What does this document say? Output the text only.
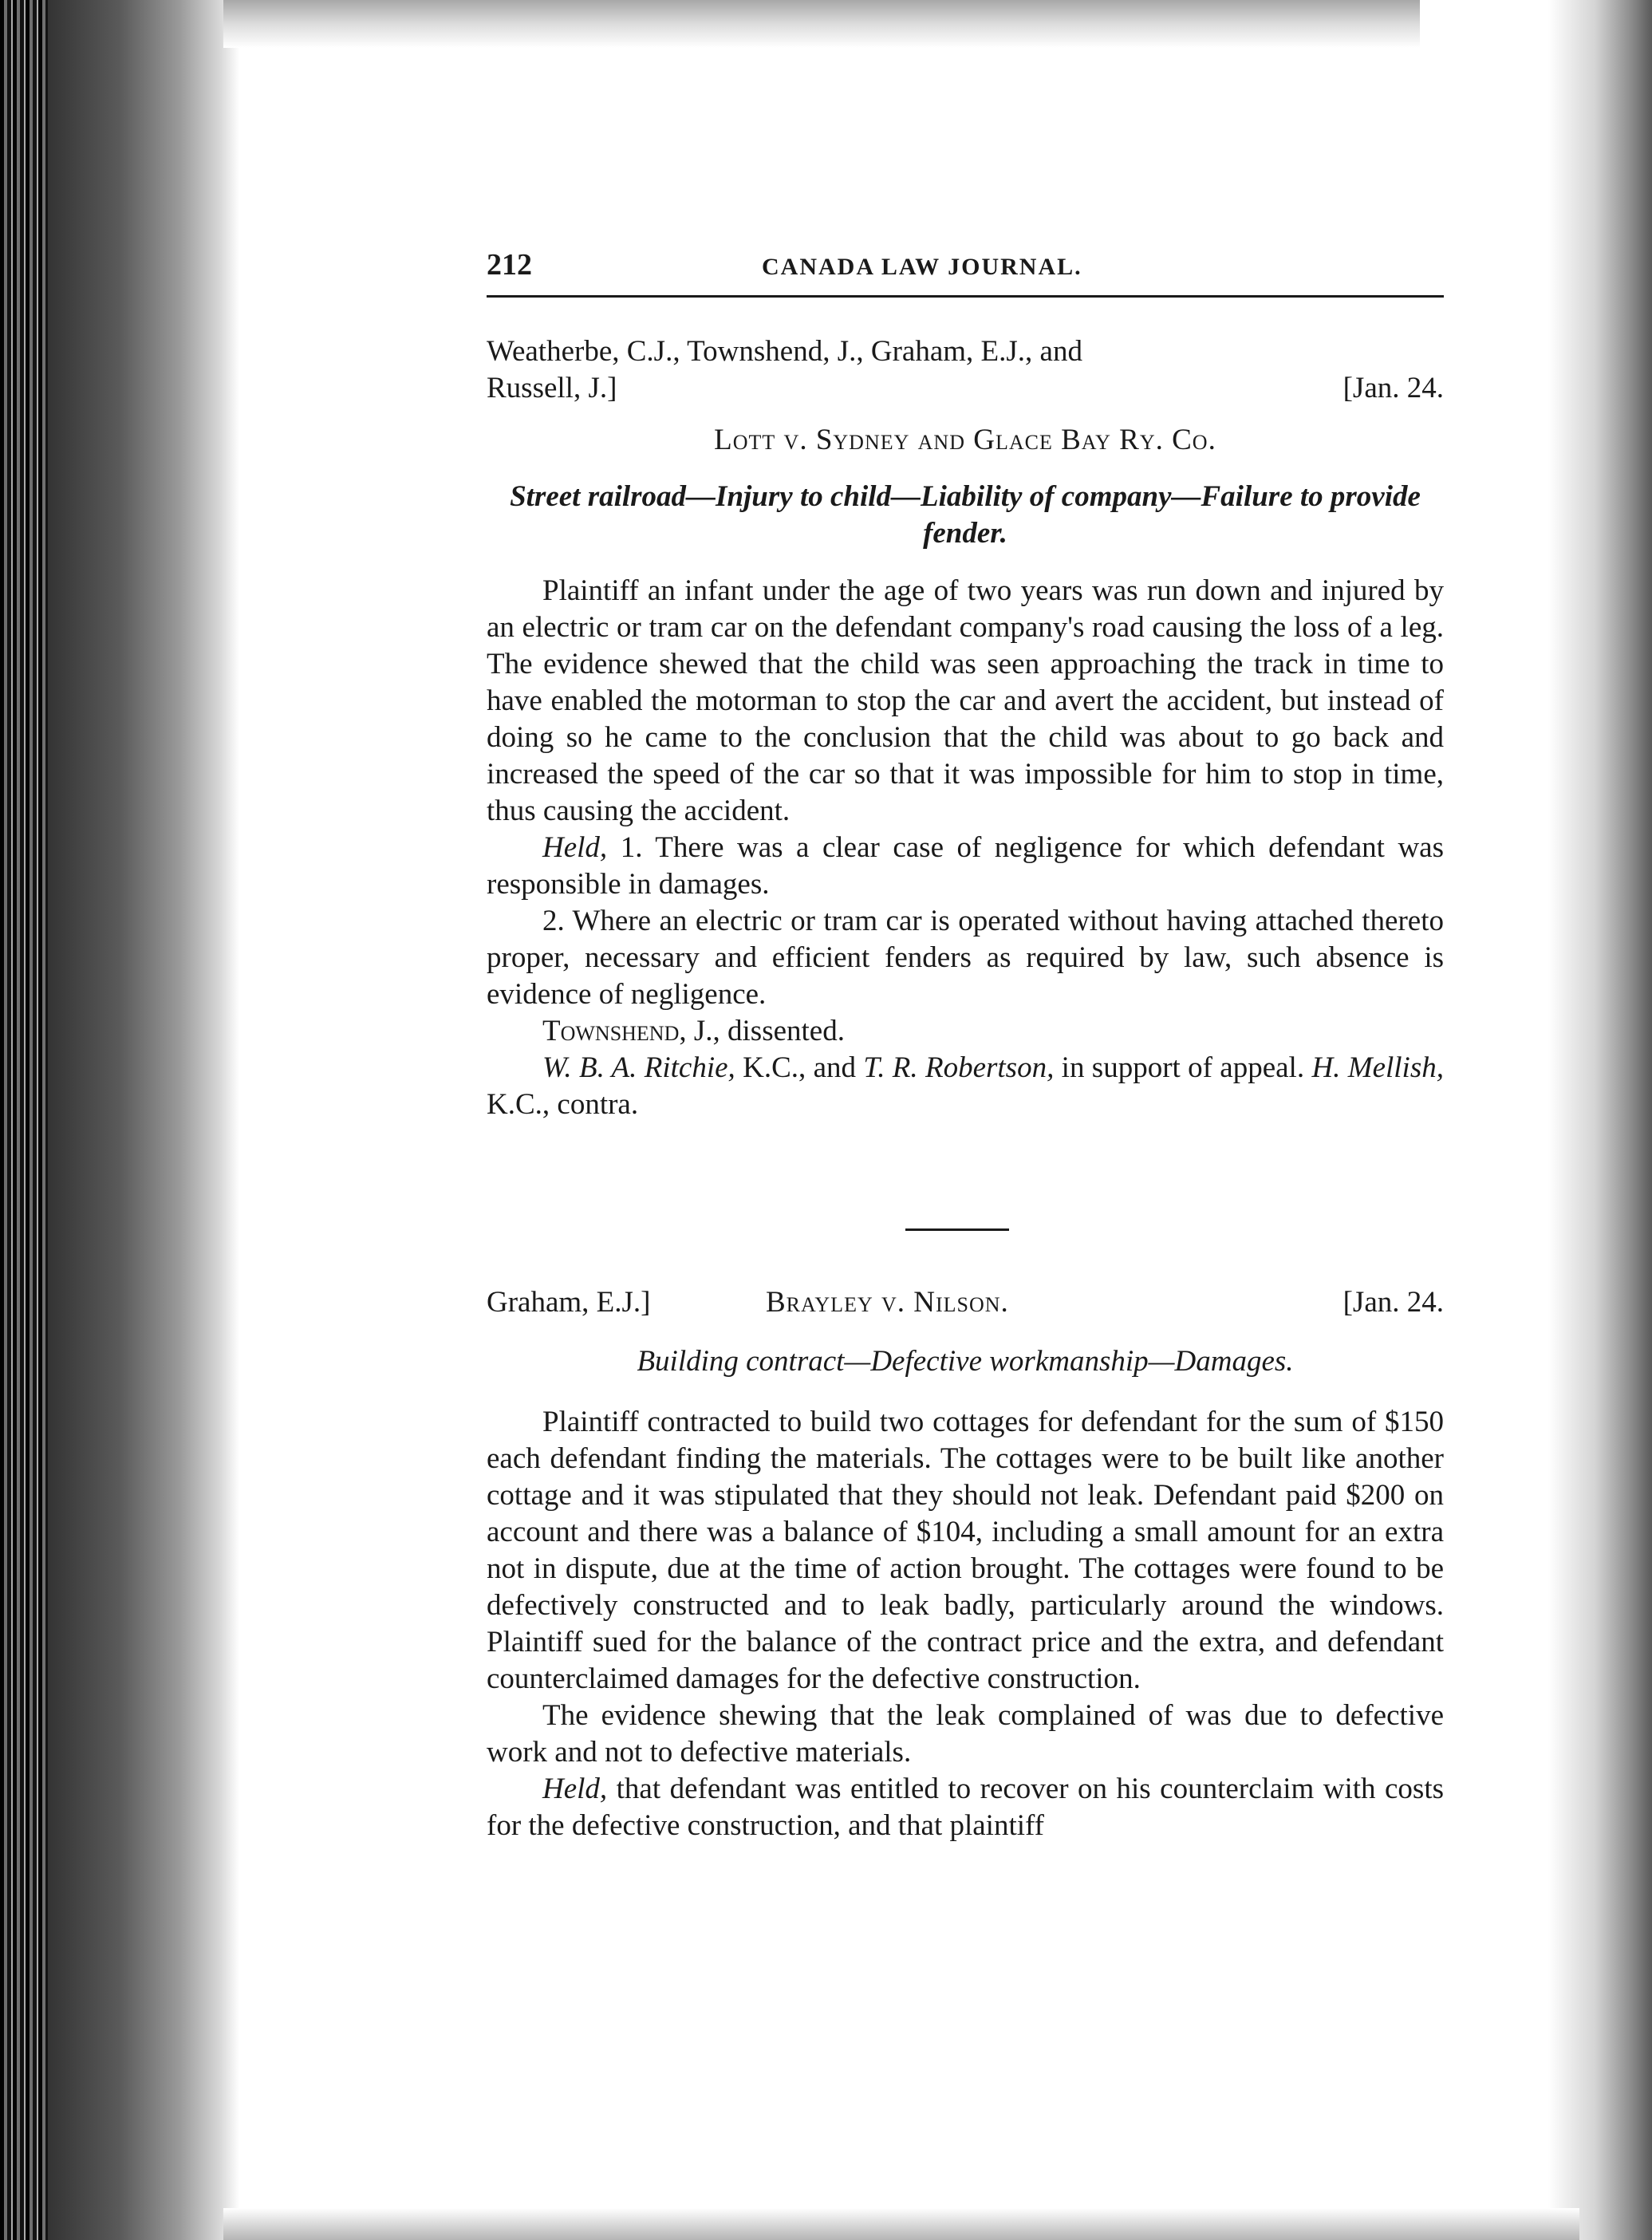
212	CANADA LAW JOURNAL.
Weatherbe, C.J., Townshend, J., Graham, E.J., and
Russell, J.]	[Jan. 24.
Lott v. Sydney and Glace Bay Ry. Co.
Street railroad—Injury to child—Liability of company—Failure to provide fender.

Plaintiff an infant under the age of two years was run down and injured by an electric or tram car on the defendant company's road causing the loss of a leg. The evidence shewed that the child was seen approaching the track in time to have enabled the motorman to stop the car and avert the accident, but instead of doing so he came to the conclusion that the child was about to go back and increased the speed of the car so that it was impossible for him to stop in time, thus causing the accident.

Held, 1. There was a clear case of negligence for which defendant was responsible in damages.

2. Where an electric or tram car is operated without having attached thereto proper, necessary and efficient fenders as required by law, such absence is evidence of negligence.

Townshend, J., dissented.

W. B. A. Ritchie, K.C., and T. R. Robertson, in support of appeal. H. Mellish, K.C., contra.

Graham, E.J.]	Brayley v. Nilson.	[Jan. 24.
Building contract—Defective workmanship—Damages.

Plaintiff contracted to build two cottages for defendant for the sum of $150 each defendant finding the materials. The cottages were to be built like another cottage and it was stipulated that they should not leak. Defendant paid $200 on account and there was a balance of $104, including a small amount for an extra not in dispute, due at the time of action brought. The cottages were found to be defectively constructed and to leak badly, particularly around the windows. Plaintiff sued for the balance of the contract price and the extra, and defendant counterclaimed damages for the defective construction.

The evidence shewing that the leak complained of was due to defective work and not to defective materials.

Held, that defendant was entitled to recover on his counterclaim with costs for the defective construction, and that plaintiff
